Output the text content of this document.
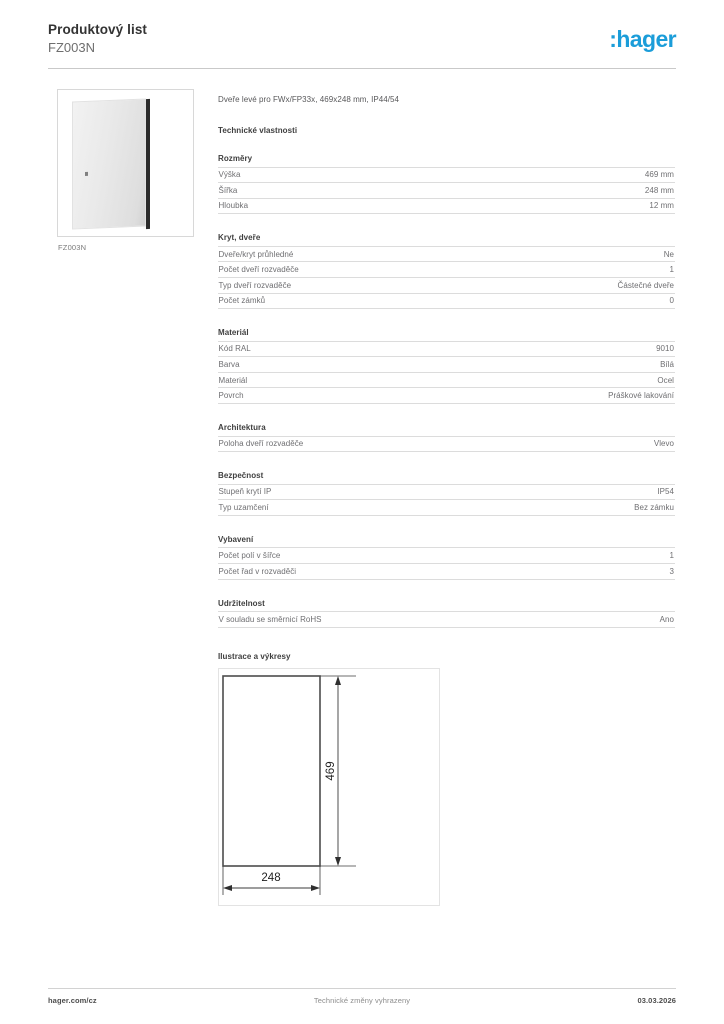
Produktový list
FZ003N	:hager
FZ003N
Dveře levé pro FWx/FP33x, 469x248 mm, IP44/54
Technické vlastnosti
Rozměry
Výška	469 mm
Šířka	248 mm
Hloubka	12 mm
Kryt, dveře
Dveře/kryt průhledné	Ne
Počet dveří rozvaděče	1
Typ dveří rozvaděče	Částečné dveře
Počet zámků	0
Materiál
Kód RAL	9010
Barva	Bílá
Materiál	Ocel
Povrch	Práškové lakování
Architektura
Poloha dveří rozvaděče	Vlevo
Bezpečnost
Stupeň krytí IP	IP54
Typ uzamčení	Bez zámku
Vybavení
Počet polí v šířce	1
Počet řad v rozvaděči	3
Udržitelnost
V souladu se směrnicí RoHS	Ano
Ilustrace a výkresy
469
248
hager.com/cz	Technické změny vyhrazeny	03.03.2026
